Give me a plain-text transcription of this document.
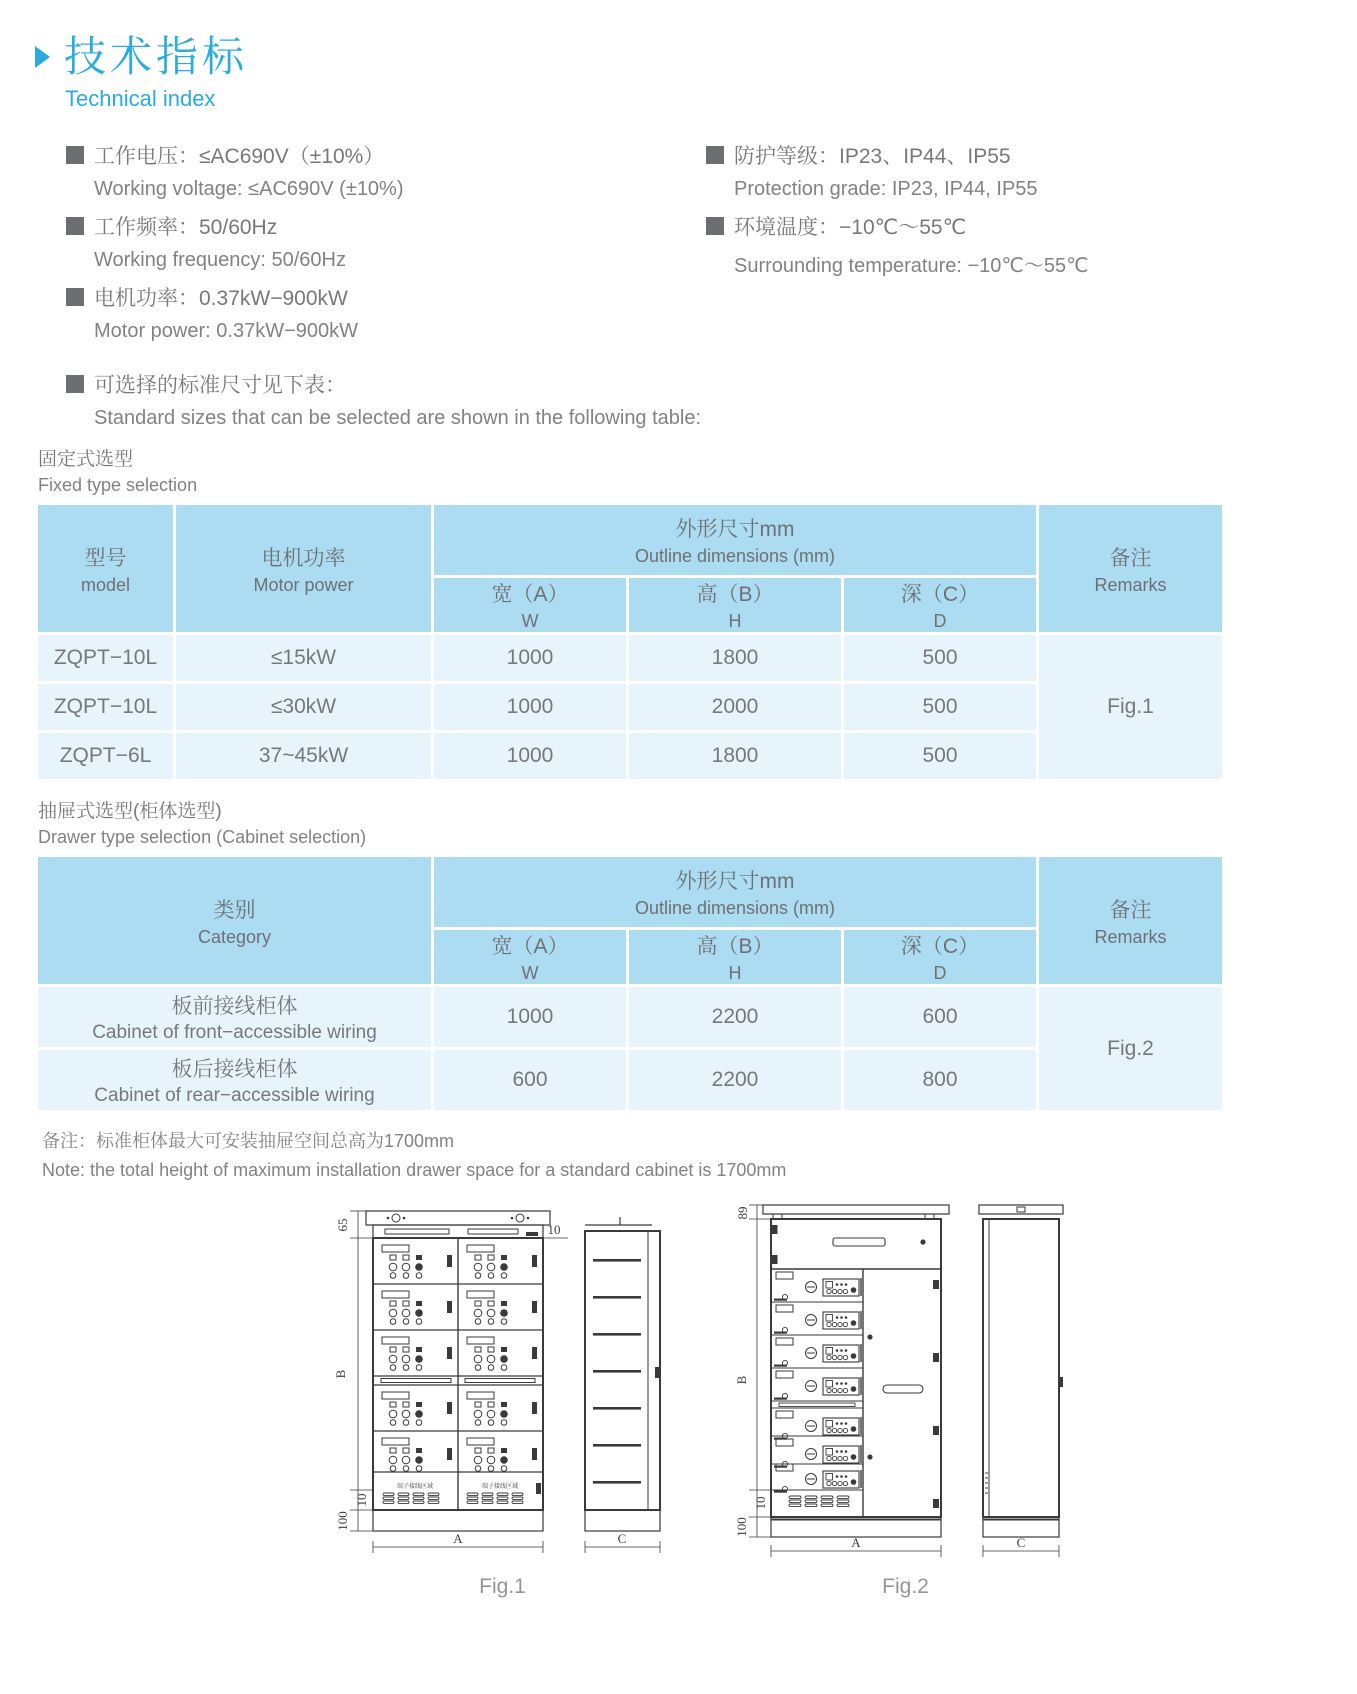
技术指标
Technical index
工作电压：≤AC690V（±10%）
Working voltage: ≤AC690V (±10%)
工作频率：50/60Hz
Working frequency: 50/60Hz
电机功率：0.37kW−900kW
Motor power: 0.37kW−900kW
可选择的标准尺寸见下表：
Standard sizes that can be selected are shown in the following table:
防护等级：IP23、IP44、IP55
Protection grade: IP23, IP44, IP55
环境温度：−10℃～55℃
Surrounding temperature: −10℃～55℃
固定式选型
Fixed type selection
型号
model

电机功率
Motor power

外形尺寸mm
Outline dimensions (mm)	备注
Remarks

宽（A）
W

高（B）
H

深（C）
D

ZQPT−10L	≤15kW	1000	1800	500	Fig.1
ZQPT−10L	≤30kW	1000	2000	500	
ZQPT−6L	37~45kW	1000	1800	500	
抽屉式选型(柜体选型)
Drawer type selection (Cabinet selection)
类别
Category

外形尺寸mm
Outline dimensions (mm)	备注
Remarks

宽（A）
W

高（B）
H

深（C）
D

板前接线柜体
Cabinet of front−accessible wiring	1000	2200	600	Fig.2

板后接线柜体
Cabinet of rear−accessible wiring	600	2200	800	
备注：标准柜体最大可安装抽屉空间总高为1700mm
Note: the total height of maximum installation drawer space for a standard cabinet is 1700mm
端子接线区域	端子接线区域
65
B
10
100
10
A	C
Fig.1
89
B
10
100
A	C
Fig.2
